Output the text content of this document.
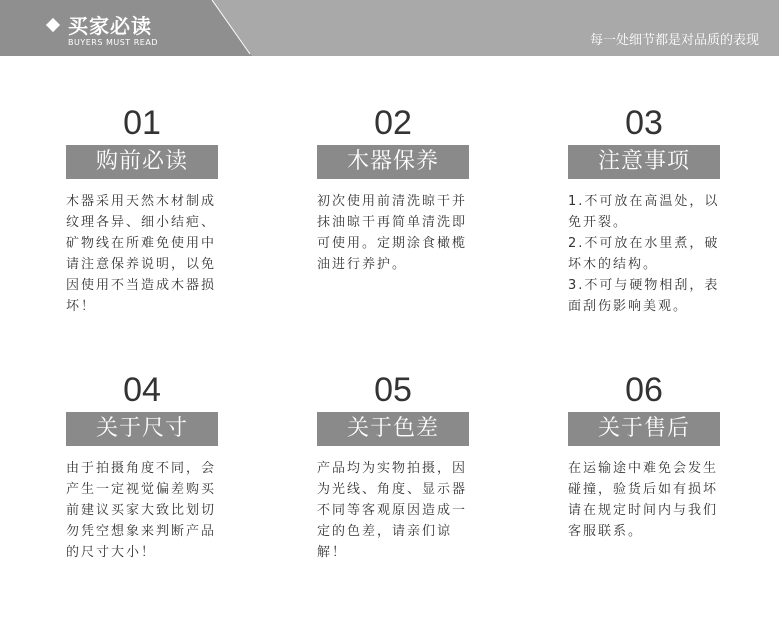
买家必读
BUYERS MUST READ	每一处细节都是对品质的表现
01
购前必读

木器采用天然木材制成纹理各异、细小结疤、矿物线在所难免使用中请注意保养说明，以免因使用不当造成木器损坏！

02
木器保养

初次使用前清洗晾干并抹油晾干再简单清洗即可使用。定期涂食橄榄油进行养护。

03
注意事项

1.不可放在高温处，以免开裂。

2.不可放在水里煮，破坏木的结构。

3.不可与硬物相刮，表面刮伤影响美观。

04
关于尺寸

由于拍摄角度不同，会产生一定视觉偏差购买前建议买家大致比划切勿凭空想象来判断产品的尺寸大小！

05
关于色差

产品均为实物拍摄，因为光线、角度、显示器不同等客观原因造成一定的色差，请亲们谅解！

06
关于售后

在运输途中难免会发生碰撞，验货后如有损坏请在规定时间内与我们客服联系。
